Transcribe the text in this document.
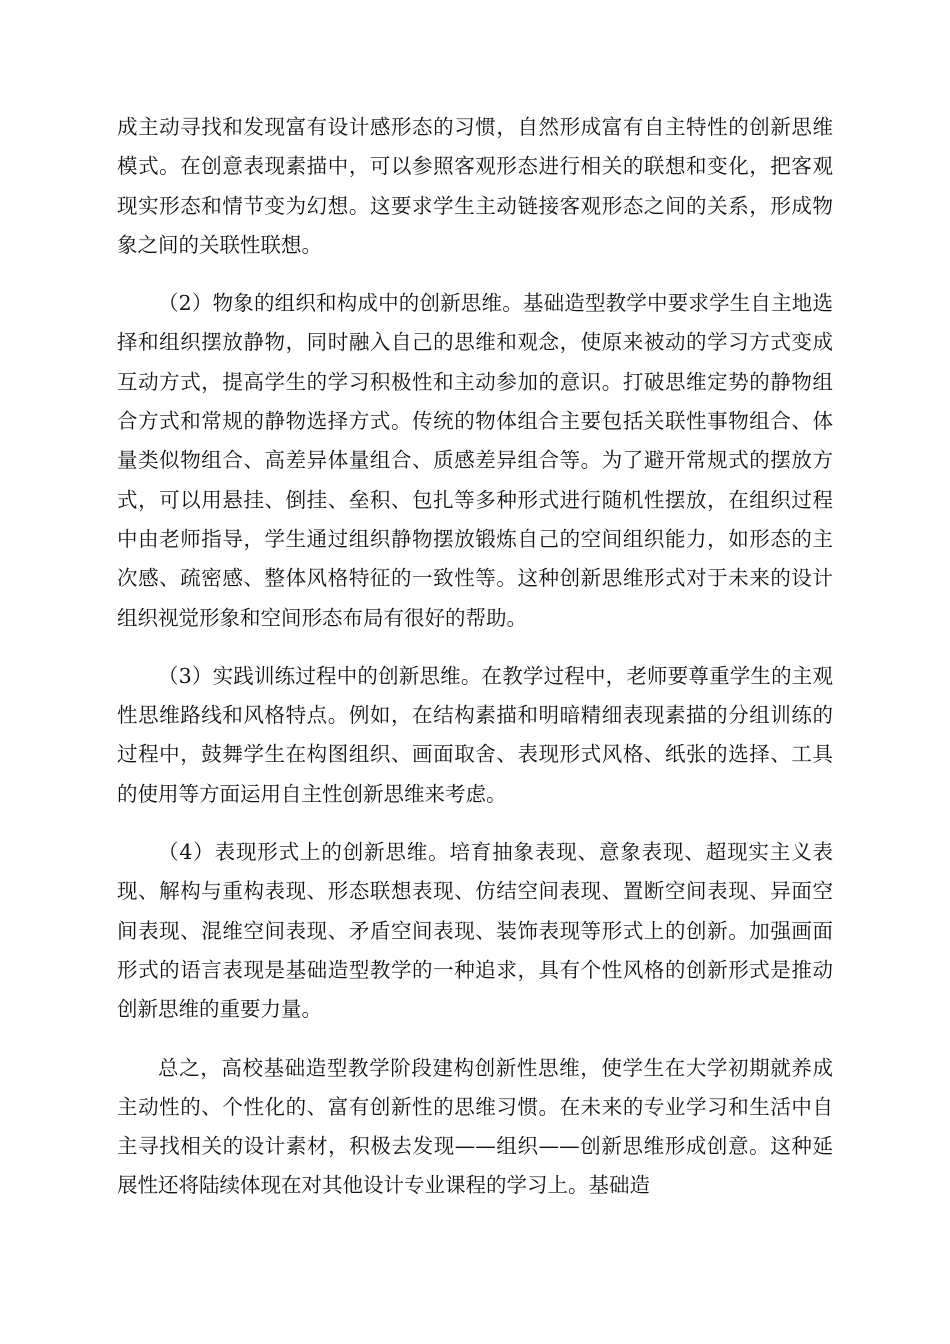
成主动寻找和发现富有设计感形态的习惯，自然形成富有自主特性的创新思维模式。在创意表现素描中，可以参照客观形态进行相关的联想和变化，把客观现实形态和情节变为幻想。这要求学生主动链接客观形态之间的关系，形成物象之间的关联性联想。

（2）物象的组织和构成中的创新思维。基础造型教学中要求学生自主地选择和组织摆放静物，同时融入自己的思维和观念，使原来被动的学习方式变成互动方式，提高学生的学习积极性和主动参加的意识。打破思维定势的静物组合方式和常规的静物选择方式。传统的物体组合主要包括关联性事物组合、体量类似物组合、高差异体量组合、质感差异组合等。为了避开常规式的摆放方式，可以用悬挂、倒挂、垒积、包扎等多种形式进行随机性摆放，在组织过程中由老师指导，学生通过组织静物摆放锻炼自己的空间组织能力，如形态的主次感、疏密感、整体风格特征的一致性等。这种创新思维形式对于未来的设计组织视觉形象和空间形态布局有很好的帮助。

（3）实践训练过程中的创新思维。在教学过程中，老师要尊重学生的主观性思维路线和风格特点。例如，在结构素描和明暗精细表现素描的分组训练的过程中，鼓舞学生在构图组织、画面取舍、表现形式风格、纸张的选择、工具的使用等方面运用自主性创新思维来考虑。

（4）表现形式上的创新思维。培育抽象表现、意象表现、超现实主义表现、解构与重构表现、形态联想表现、仿结空间表现、置断空间表现、异面空间表现、混维空间表现、矛盾空间表现、装饰表现等形式上的创新。加强画面形式的语言表现是基础造型教学的一种追求，具有个性风格的创新形式是推动创新思维的重要力量。

总之，高校基础造型教学阶段建构创新性思维，使学生在大学初期就养成主动性的、个性化的、富有创新性的思维习惯。在未来的专业学习和生活中自主寻找相关的设计素材，积极去发现——组织——创新思维形成创意。这种延展性还将陆续体现在对其他设计专业课程的学习上。基础造
